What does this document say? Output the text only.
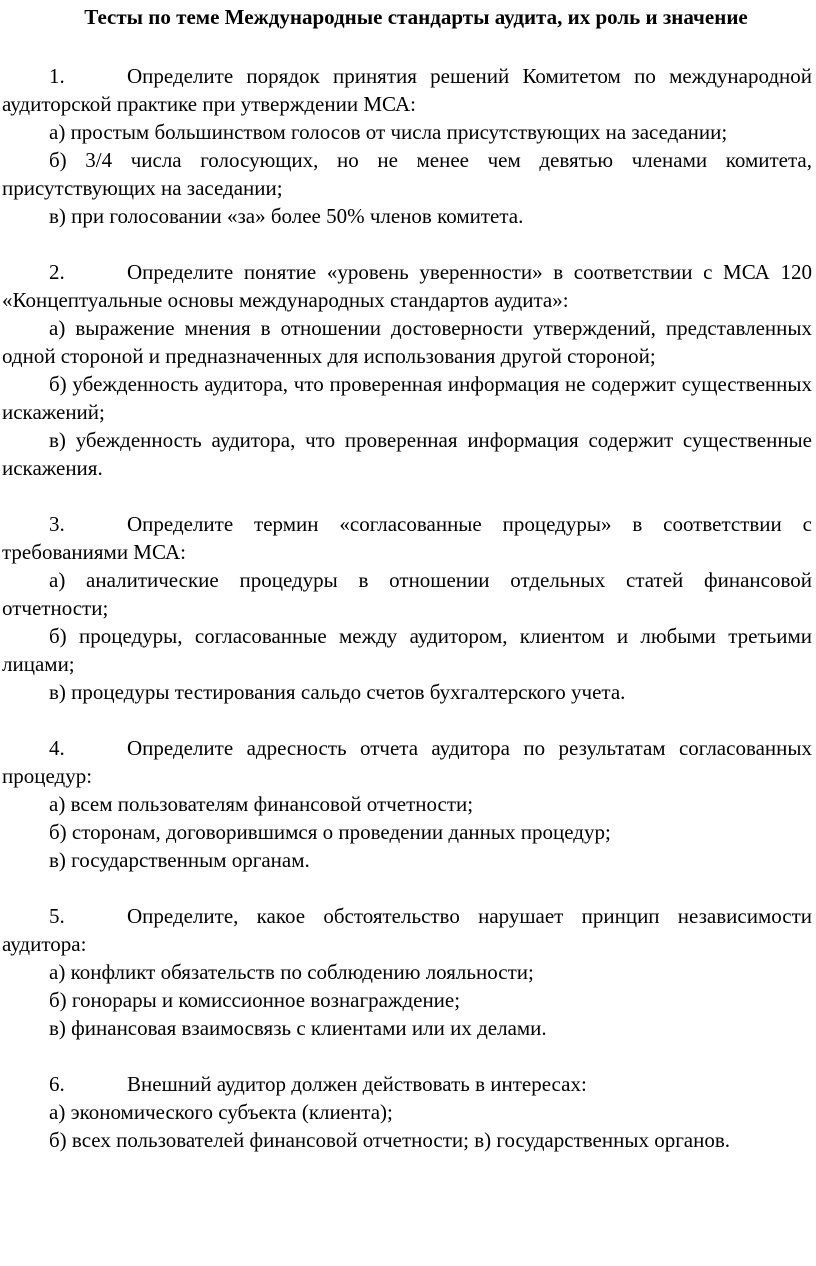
Тесты по теме Международные стандарты аудита, их роль и значение

1.	Определите порядок принятия решений Комитетом по международной аудиторской практике при утверждении МСА:

а) простым большинством голосов от числа присутствующих на заседании;

б) 3/4 числа голосующих, но не менее чем девятью членами комитета, присутствующих на заседании;

в) при голосовании «за» более 50% членов комитета.

2.	Определите понятие «уровень уверенности» в соответствии с МСА 120 «Концептуальные основы международных стандартов аудита»:

а) выражение мнения в отношении достоверности утверждений, представленных одной стороной и предназначенных для использования другой стороной;

б) убежденность аудитора, что проверенная информация не содержит существенных искажений;

в) убежденность аудитора, что проверенная информация содержит существенные искажения.

3.	Определите термин «согласованные процедуры» в соответствии с требованиями МСА:

а) аналитические процедуры в отношении отдельных статей финансовой отчетности;

б) процедуры, согласованные между аудитором, клиентом и любыми третьими лицами;

в) процедуры тестирования сальдо счетов бухгалтерского учета.

4.	Определите адресность отчета аудитора по результатам согласованных процедур:

а) всем пользователям финансовой отчетности;

б) сторонам, договорившимся о проведении данных процедур;

в) государственным органам.

5.	Определите, какое обстоятельство нарушает принцип независимости аудитора:

а) конфликт обязательств по соблюдению лояльности;

б) гонорары и комиссионное вознаграждение;

в) финансовая взаимосвязь с клиентами или их делами.

6.	Внешний аудитор должен действовать в интересах:

а) экономического субъекта (клиента);

б) всех пользователей финансовой отчетности; в) государственных органов.
